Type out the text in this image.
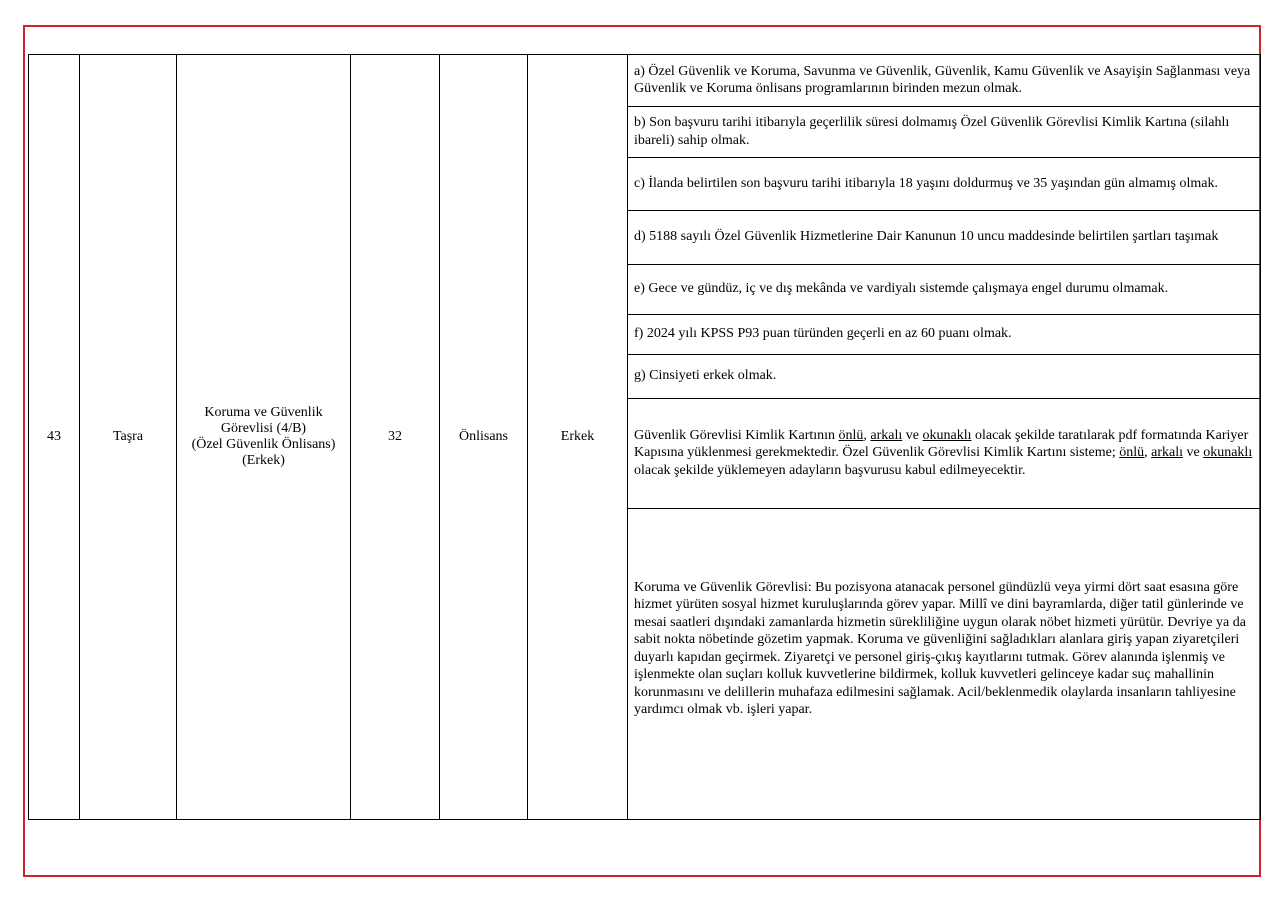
43	Taşra	Koruma ve Güvenlik
Görevlisi (4/B)
(Özel Güvenlik Önlisans)
(Erkek)	32	Önlisans	Erkek	
a) Özel Güvenlik ve Koruma, Savunma ve Güvenlik, Güvenlik, Kamu Güvenlik ve Asayişin Sağlanması veya Güvenlik ve Koruma önlisans programlarının birinden mezun olmak.
b) Son başvuru tarihi itibarıyla geçerlilik süresi dolmamış Özel Güvenlik Görevlisi Kimlik Kartına (silahlı ibareli) sahip olmak.
c) İlanda belirtilen son başvuru tarihi itibarıyla 18 yaşını doldurmuş ve 35 yaşından gün almamış olmak.
d) 5188 sayılı Özel Güvenlik Hizmetlerine Dair Kanunun 10 uncu maddesinde belirtilen şartları taşımak
e) Gece ve gündüz, iç ve dış mekânda ve vardiyalı sistemde çalışmaya engel durumu olmamak.
f) 2024 yılı KPSS P93 puan türünden geçerli en az 60 puanı olmak.
g) Cinsiyeti erkek olmak.
Güvenlik Görevlisi Kimlik Kartının önlü, arkalı ve okunaklı olacak şekilde taratılarak pdf formatında Kariyer Kapısına yüklenmesi gerekmektedir. Özel Güvenlik Görevlisi Kimlik Kartını sisteme; önlü, arkalı ve okunaklı olacak şekilde yüklemeyen adayların başvurusu kabul edilmeyecektir.
Koruma ve Güvenlik Görevlisi: Bu pozisyona atanacak personel gündüzlü veya yirmi dört saat esasına göre hizmet yürüten sosyal hizmet kuruluşlarında görev yapar. Millî ve dini bayramlarda, diğer tatil günlerinde ve mesai saatleri dışındaki zamanlarda hizmetin sürekliliğine uygun olarak nöbet hizmeti yürütür. Devriye ya da sabit nokta nöbetinde gözetim yapmak. Koruma ve güvenliğini sağladıkları alanlara giriş yapan ziyaretçileri duyarlı kapıdan geçirmek. Ziyaretçi ve personel giriş-çıkış kayıtlarını tutmak. Görev alanında işlenmiş ve işlenmekte olan suçları kolluk kuvvetlerine bildirmek, kolluk kuvvetleri gelinceye kadar suç mahallinin korunmasını ve delillerin muhafaza edilmesini sağlamak. Acil/beklenmedik olaylarda insanların tahliyesine yardımcı olmak vb. işleri yapar.
